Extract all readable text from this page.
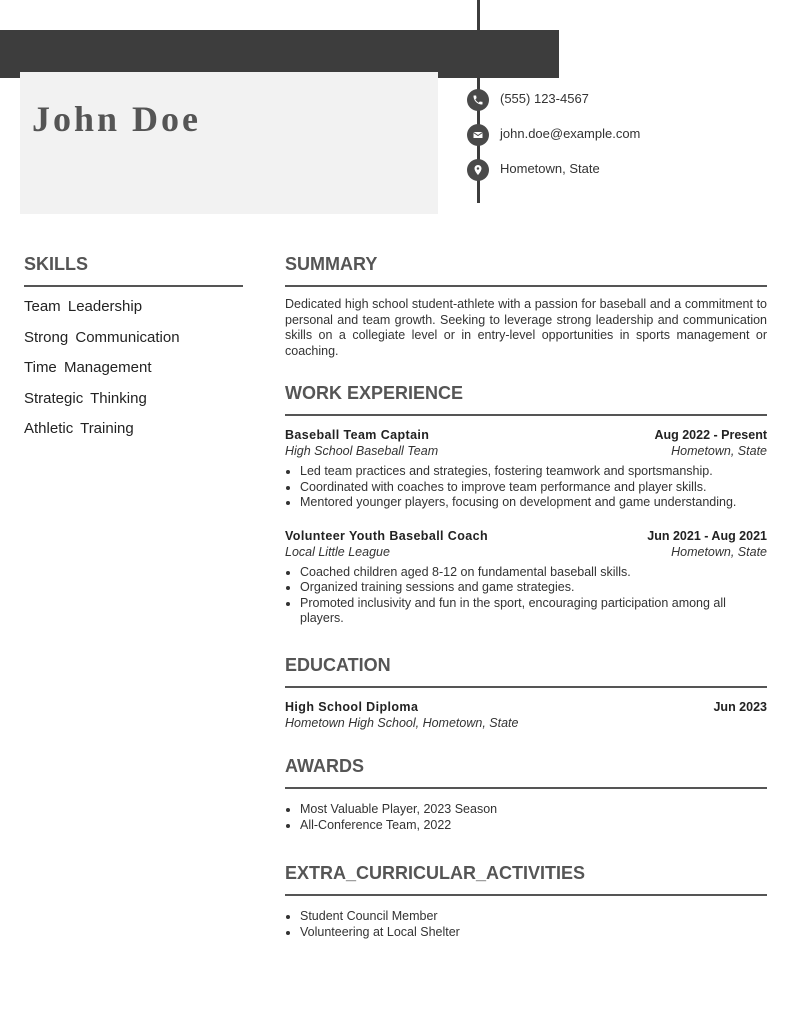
John Doe
(555) 123-4567
john.doe@example.com
Hometown, State
SKILLS
Team Leadership
Strong Communication
Time Management
Strategic Thinking
Athletic Training
SUMMARY

Dedicated high school student-athlete with a passion for baseball and a commitment to personal and team growth. Seeking to leverage strong leadership and communication skills on a collegiate level or in entry-level opportunities in sports management or coaching.

WORK EXPERIENCE
Baseball Team Captain	Aug 2022 - Present
High School Baseball Team	Hometown, State
• Led team practices and strategies, fostering teamwork and sportsmanship.
• Coordinated with coaches to improve team performance and player skills.
• Mentored younger players, focusing on development and game understanding.
Volunteer Youth Baseball Coach	Jun 2021 - Aug 2021
Local Little League	Hometown, State
• Coached children aged 8-12 on fundamental baseball skills.
• Organized training sessions and game strategies.
• Promoted inclusivity and fun in the sport, encouraging participation among all players.
EDUCATION
High School Diploma	Jun 2023
Hometown High School, Hometown, State
AWARDS
• Most Valuable Player, 2023 Season
• All-Conference Team, 2022
EXTRA_CURRICULAR_ACTIVITIES
• Student Council Member
• Volunteering at Local Shelter
